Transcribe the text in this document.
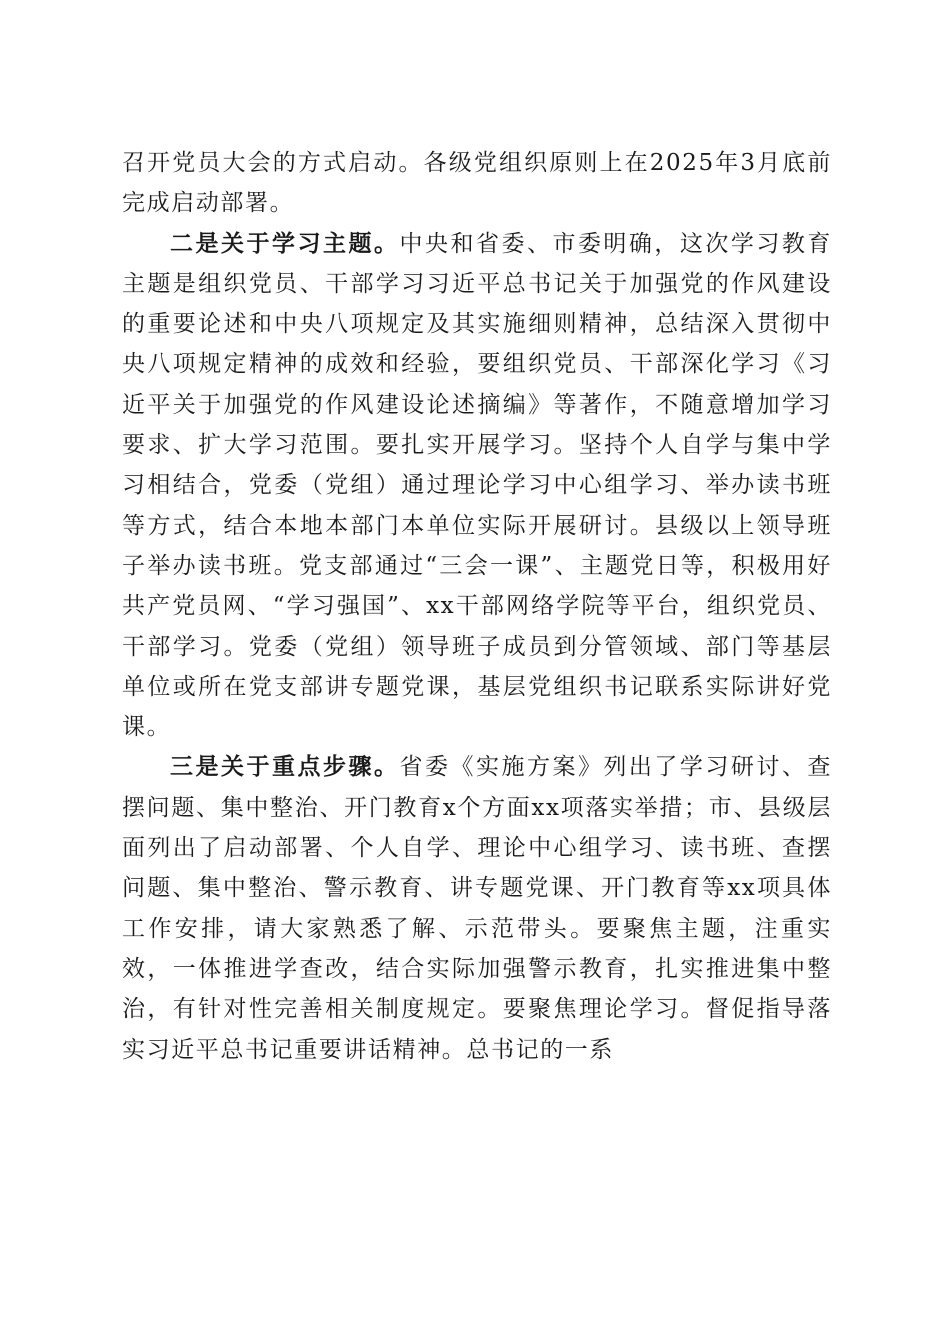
召开党员大会的方式启动。各级党组织原则上在2025年3月底前完成启动部署。

二是关于学习主题。中央和省委、市委明确，这次学习教育主题是组织党员、干部学习习近平总书记关于加强党的作风建设的重要论述和中央八项规定及其实施细则精神，总结深入贯彻中央八项规定精神的成效和经验，要组织党员、干部深化学习《习近平关于加强党的作风建设论述摘编》等著作，不随意增加学习要求、扩大学习范围。要扎实开展学习。坚持个人自学与集中学习相结合，党委（党组）通过理论学习中心组学习、举办读书班等方式，结合本地本部门本单位实际开展研讨。县级以上领导班子举办读书班。党支部通过“三会一课”、主题党日等，积极用好共产党员网、“学习强国”、xx干部网络学院等平台，组织党员、干部学习。党委（党组）领导班子成员到分管领域、部门等基层单位或所在党支部讲专题党课，基层党组织书记联系实际讲好党课。

三是关于重点步骤。省委《实施方案》列出了学习研讨、查摆问题、集中整治、开门教育x个方面xx项落实举措；市、县级层面列出了启动部署、个人自学、理论中心组学习、读书班、查摆问题、集中整治、警示教育、讲专题党课、开门教育等xx项具体工作安排，请大家熟悉了解、示范带头。要聚焦主题，注重实效，一体推进学查改，结合实际加强警示教育，扎实推进集中整治，有针对性完善相关制度规定。要聚焦理论学习。督促指导落实习近平总书记重要讲话精神。总书记的一系
